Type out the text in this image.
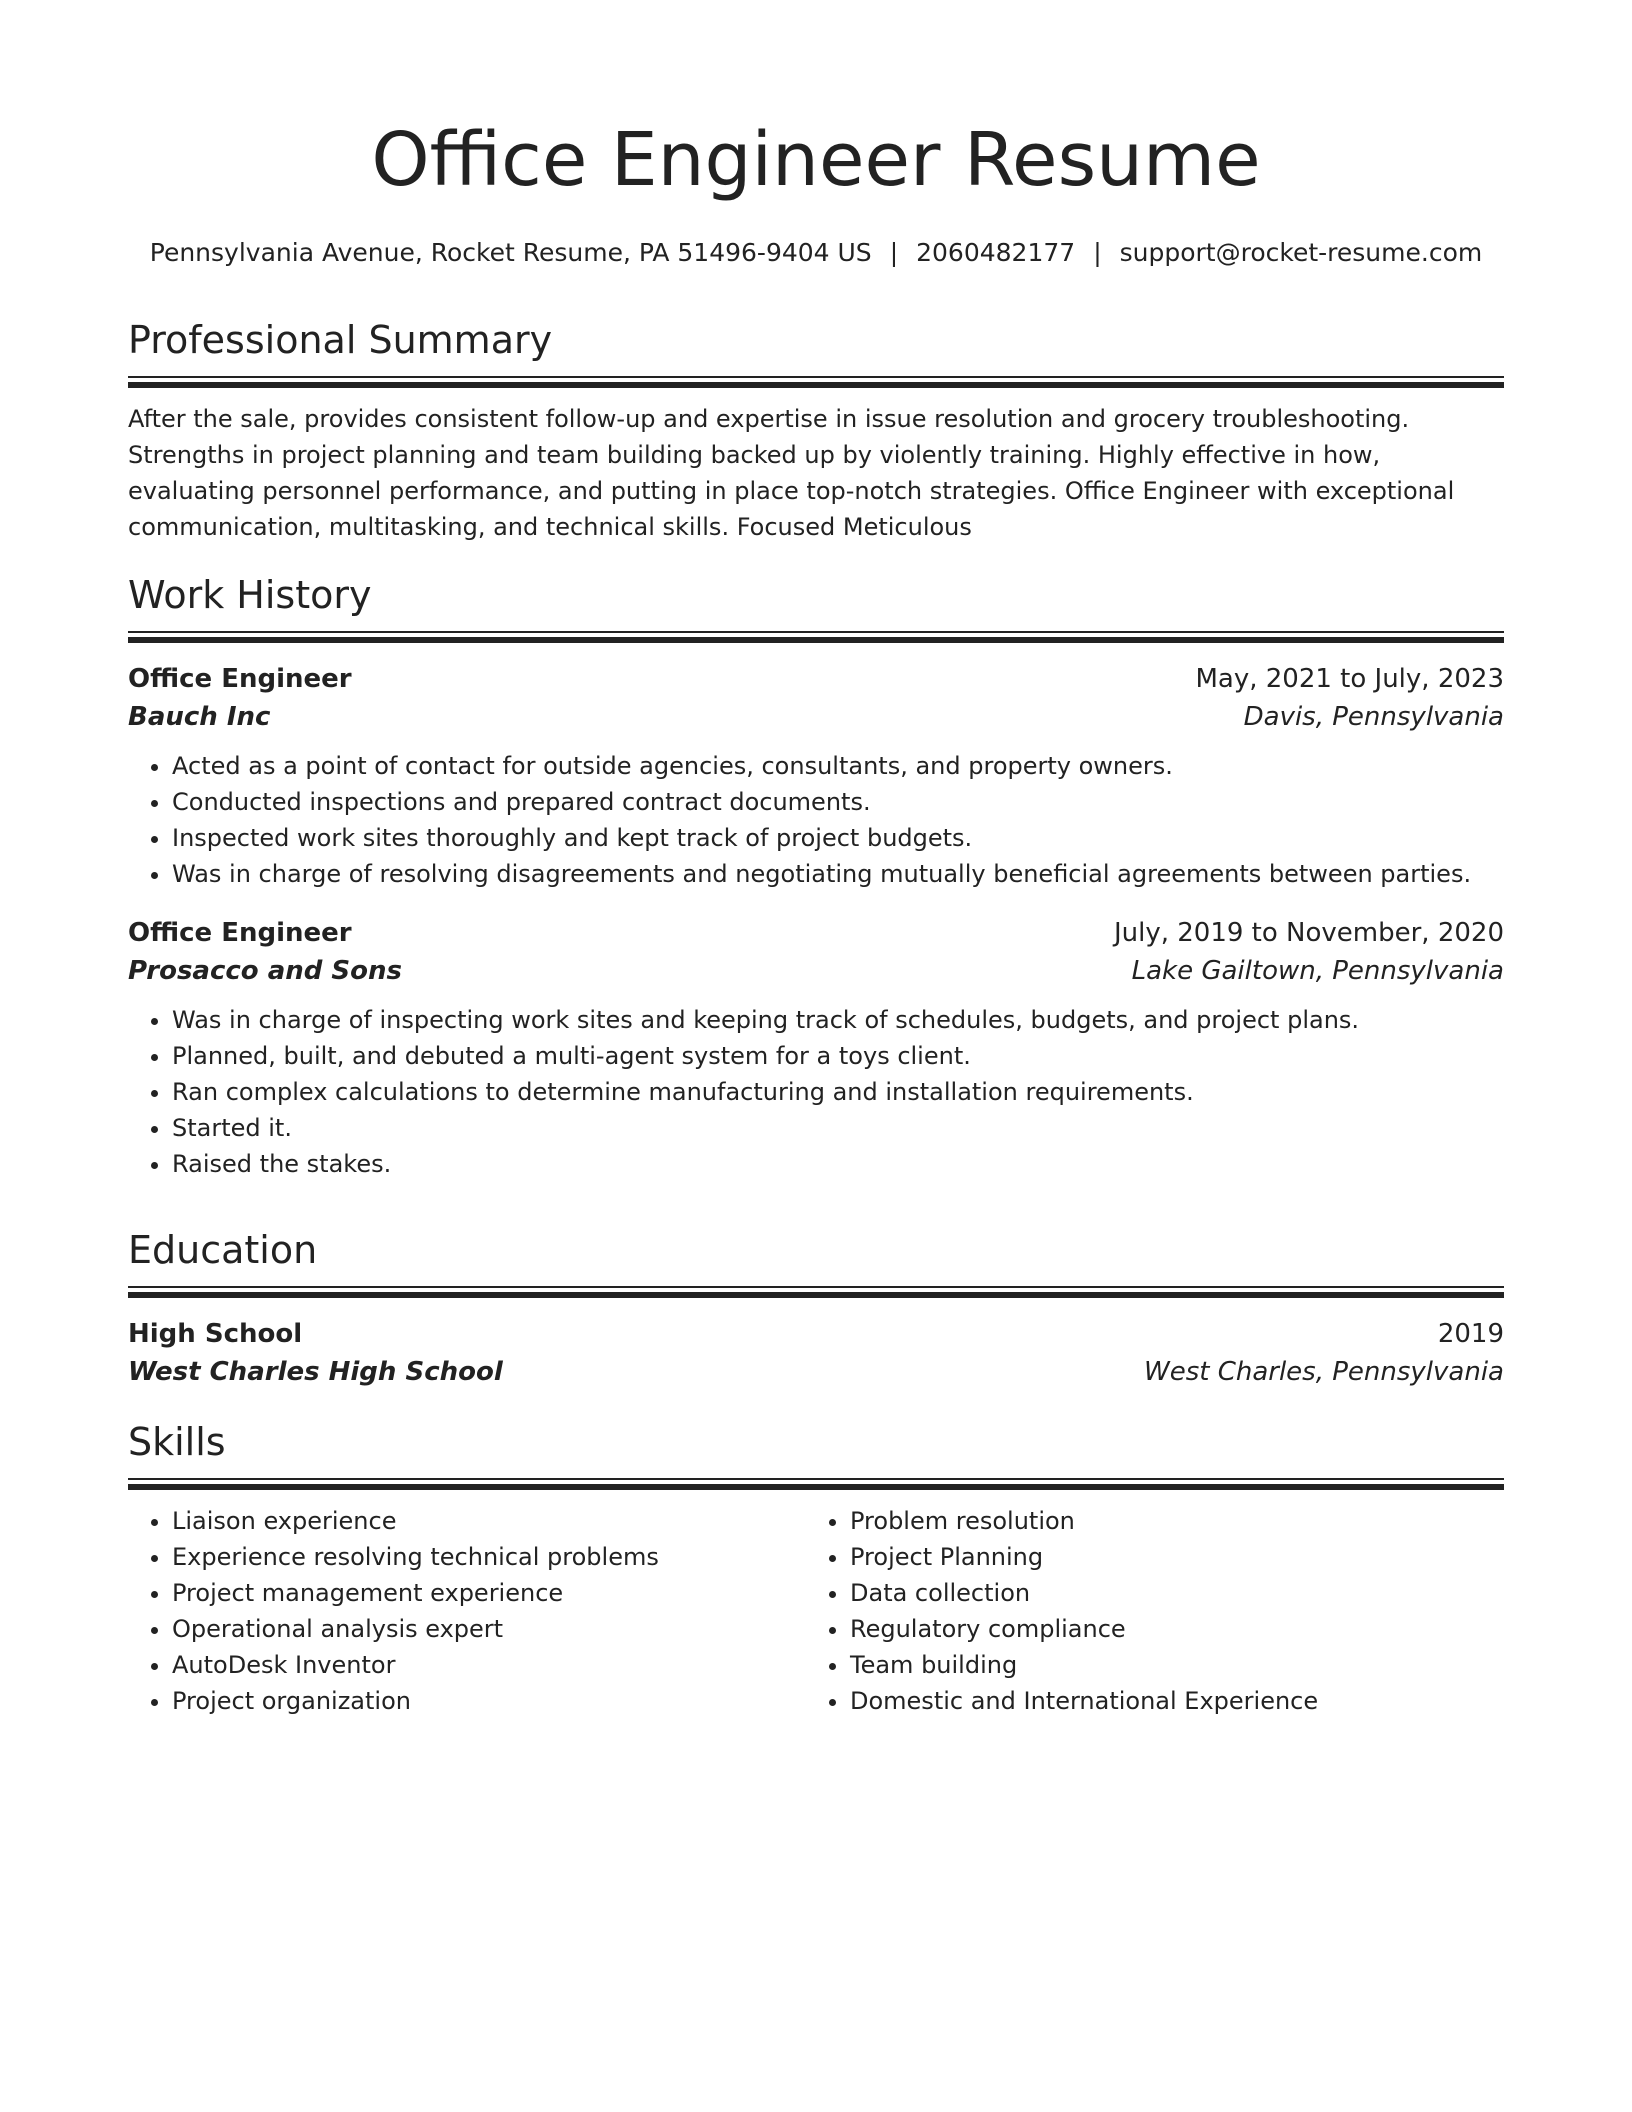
Office Engineer Resume
Pennsylvania Avenue, Rocket Resume, PA 51496-9404 US | 2060482177 | support@rocket-resume.com
Professional Summary
After the sale, provides consistent follow-up and expertise in issue resolution and grocery troubleshooting. Strengths in project planning and team building backed up by violently training. Highly effective in how, evaluating personnel performance, and putting in place top-notch strategies. Office Engineer with exceptional communication, multitasking, and technical skills. Focused Meticulous
Work History
Office Engineer	May, 2021 to July, 2023
Bauch Inc	Davis, Pennsylvania
• Acted as a point of contact for outside agencies, consultants, and property owners.
• Conducted inspections and prepared contract documents.
• Inspected work sites thoroughly and kept track of project budgets.
• Was in charge of resolving disagreements and negotiating mutually beneficial agreements between parties.
Office Engineer	July, 2019 to November, 2020
Prosacco and Sons	Lake Gailtown, Pennsylvania
• Was in charge of inspecting work sites and keeping track of schedules, budgets, and project plans.
• Planned, built, and debuted a multi-agent system for a toys client.
• Ran complex calculations to determine manufacturing and installation requirements.
• Started it.
• Raised the stakes.
Education
High School	2019
West Charles High School	West Charles, Pennsylvania
Skills
• Liaison experience
• Experience resolving technical problems
• Project management experience
• Operational analysis expert
• AutoDesk Inventor
• Project organization
• Problem resolution
• Project Planning
• Data collection
• Regulatory compliance
• Team building
• Domestic and International Experience
